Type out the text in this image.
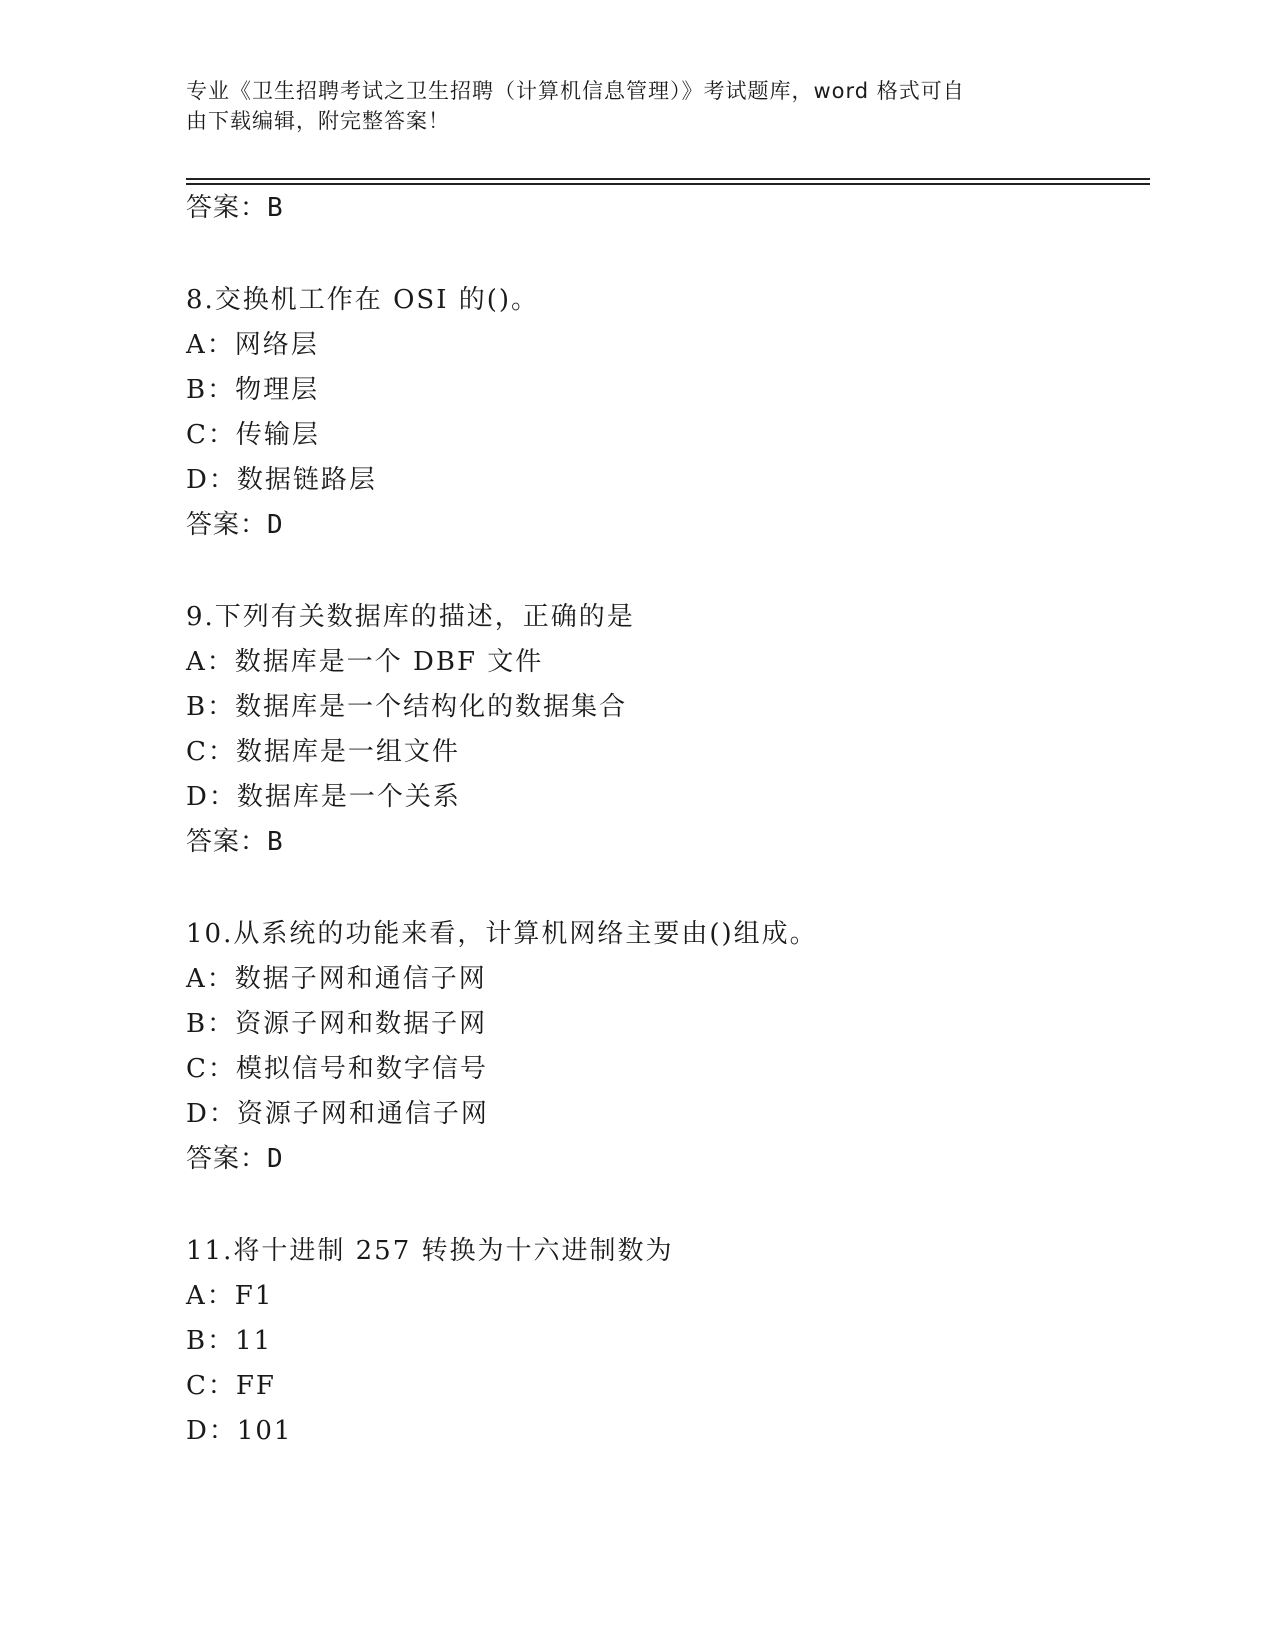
专业《卫生招聘考试之卫生招聘（计算机信息管理）》考试题库，word 格式可自
由下载编辑，附完整答案！
答案：B
8.交换机工作在 OSI 的()。
A：网络层
B：物理层
C：传输层
D：数据链路层
答案：D
9.下列有关数据库的描述，正确的是
A：数据库是一个 DBF 文件
B：数据库是一个结构化的数据集合
C：数据库是一组文件
D：数据库是一个关系
答案：B
10.从系统的功能来看，计算机网络主要由()组成。
A：数据子网和通信子网
B：资源子网和数据子网
C：模拟信号和数字信号
D：资源子网和通信子网
答案：D
11.将十进制 257 转换为十六进制数为
A：F1
B：11
C：FF
D：101
